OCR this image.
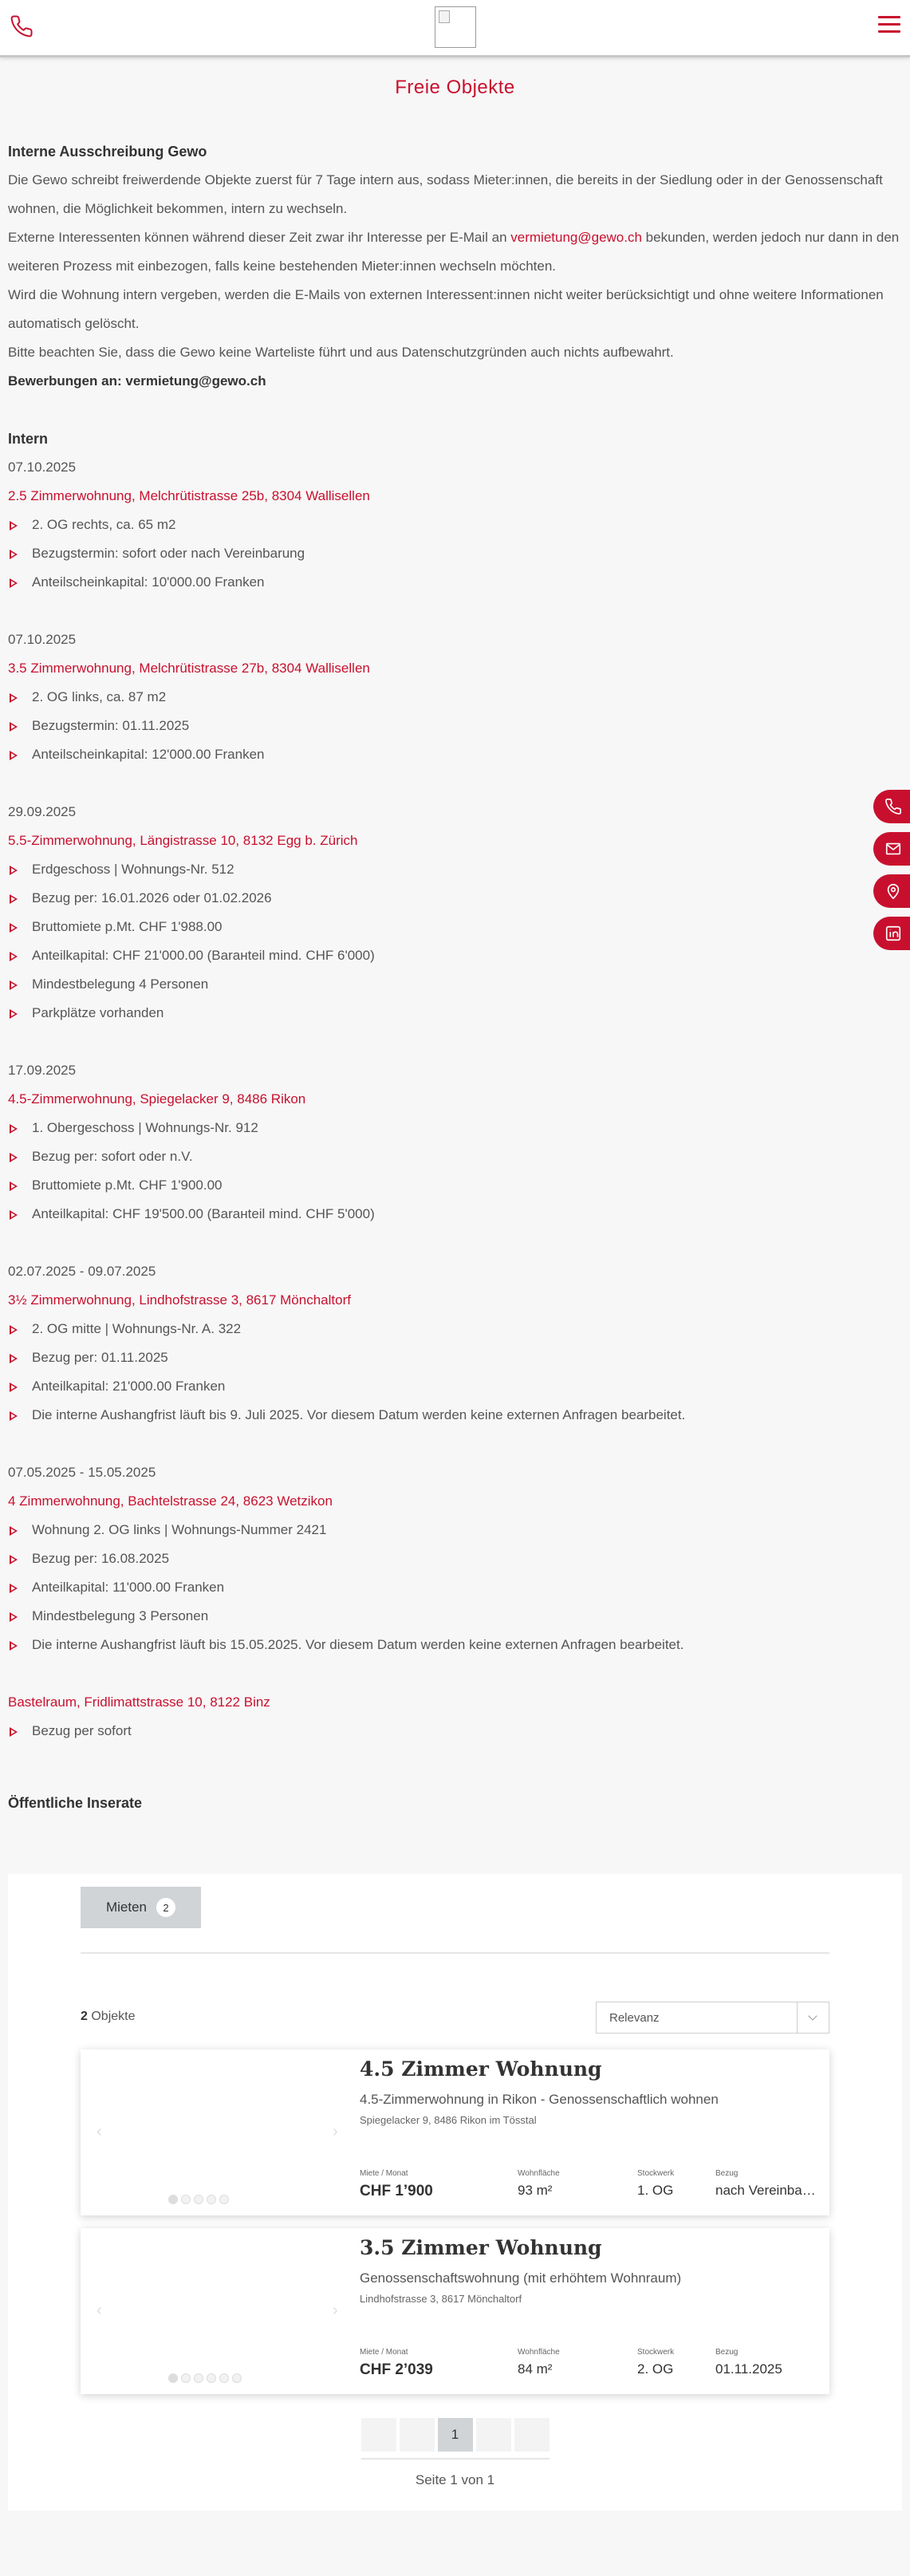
Freie Objekte
Interne Ausschreibung Gewo

Die Gewo schreibt freiwerdende Objekte zuerst für 7 Tage intern aus, sodass Mieter:innen, die bereits in der Siedlung oder in der Genossenschaft wohnen, die Möglichkeit bekommen, intern zu wechseln.

Externe Interessenten können während dieser Zeit zwar ihr Interesse per E-Mail an vermietung@gewo.ch bekunden, werden jedoch nur dann in den weiteren Prozess mit einbezogen, falls keine bestehenden Mieter:innen wechseln möchten.

Wird die Wohnung intern vergeben, werden die E-Mails von externen Interessent:innen nicht weiter berücksichtigt und ohne weitere Informationen automatisch gelöscht.

Bitte beachten Sie, dass die Gewo keine Warteliste führt und aus Datenschutzgründen auch nichts aufbewahrt.

Bewerbungen an: vermietung@gewo.ch

Intern
07.10.2025
2.5 Zimmerwohnung, Melchrütistrasse 25b, 8304 Wallisellen
2. OG rechts, ca. 65 m2
Bezugstermin: sofort oder nach Vereinbarung
Anteilscheinkapital: 10'000.00 Franken
07.10.2025
3.5 Zimmerwohnung, Melchrütistrasse 27b, 8304 Wallisellen
2. OG links, ca. 87 m2
Bezugstermin: 01.11.2025
Anteilscheinkapital: 12'000.00 Franken
29.09.2025
5.5-Zimmerwohnung, Längistrasse 10, 8132 Egg b. Zürich
Erdgeschoss | Wohnungs-Nr. 512
Bezug per: 16.01.2026 oder 01.02.2026
Bruttomiete p.Mt. CHF 1'988.00
Anteilkapital: CHF 21'000.00 (Barанteil mind. CHF 6'000)
Mindestbelegung 4 Personen
Parkplätze vorhanden
17.09.2025
4.5-Zimmerwohnung, Spiegelacker 9, 8486 Rikon
1. Obergeschoss | Wohnungs-Nr. 912
Bezug per: sofort oder n.V.
Bruttomiete p.Mt. CHF 1'900.00
Anteilkapital: CHF 19'500.00 (Barанteil mind. CHF 5'000)
02.07.2025 - 09.07.2025
3½ Zimmerwohnung, Lindhofstrasse 3, 8617 Mönchaltorf
2. OG mitte | Wohnungs-Nr. A. 322
Bezug per: 01.11.2025
Anteilkapital: 21'000.00 Franken
Die interne Aushangfrist läuft bis 9. Juli 2025. Vor diesem Datum werden keine externen Anfragen bearbeitet.
07.05.2025 - 15.05.2025
4 Zimmerwohnung, Bachtelstrasse 24, 8623 Wetzikon
Wohnung 2. OG links | Wohnungs-Nummer 2421
Bezug per: 16.08.2025
Anteilkapital: 11'000.00 Franken
Mindestbelegung 3 Personen
Die interne Aushangfrist läuft bis 15.05.2025. Vor diesem Datum werden keine externen Anfragen bearbeitet.
Bastelraum, Fridlimattstrasse 10, 8122 Binz
Bezug per sofort
Öffentliche Inserate
Mieten	2
2 Objekte	Relevanz
‹	›
4.5 Zimmer Wohnung
4.5-Zimmerwohnung in Rikon - Genossenschaftlich wohnen
Spiegelacker 9, 8486 Rikon im Tösstal
Miete / Monat
CHF 1’900
Wohnfläche
93 m²
Stockwerk
1. OG
Bezug
nach Vereinba…
‹	›
3.5 Zimmer Wohnung
Genossenschaftswohnung (mit erhöhtem Wohnraum)
Lindhofstrasse 3, 8617 Mönchaltorf
Miete / Monat
CHF 2’039
Wohnfläche
84 m²
Stockwerk
2. OG
Bezug
01.11.2025
1
Seite 1 von 1
